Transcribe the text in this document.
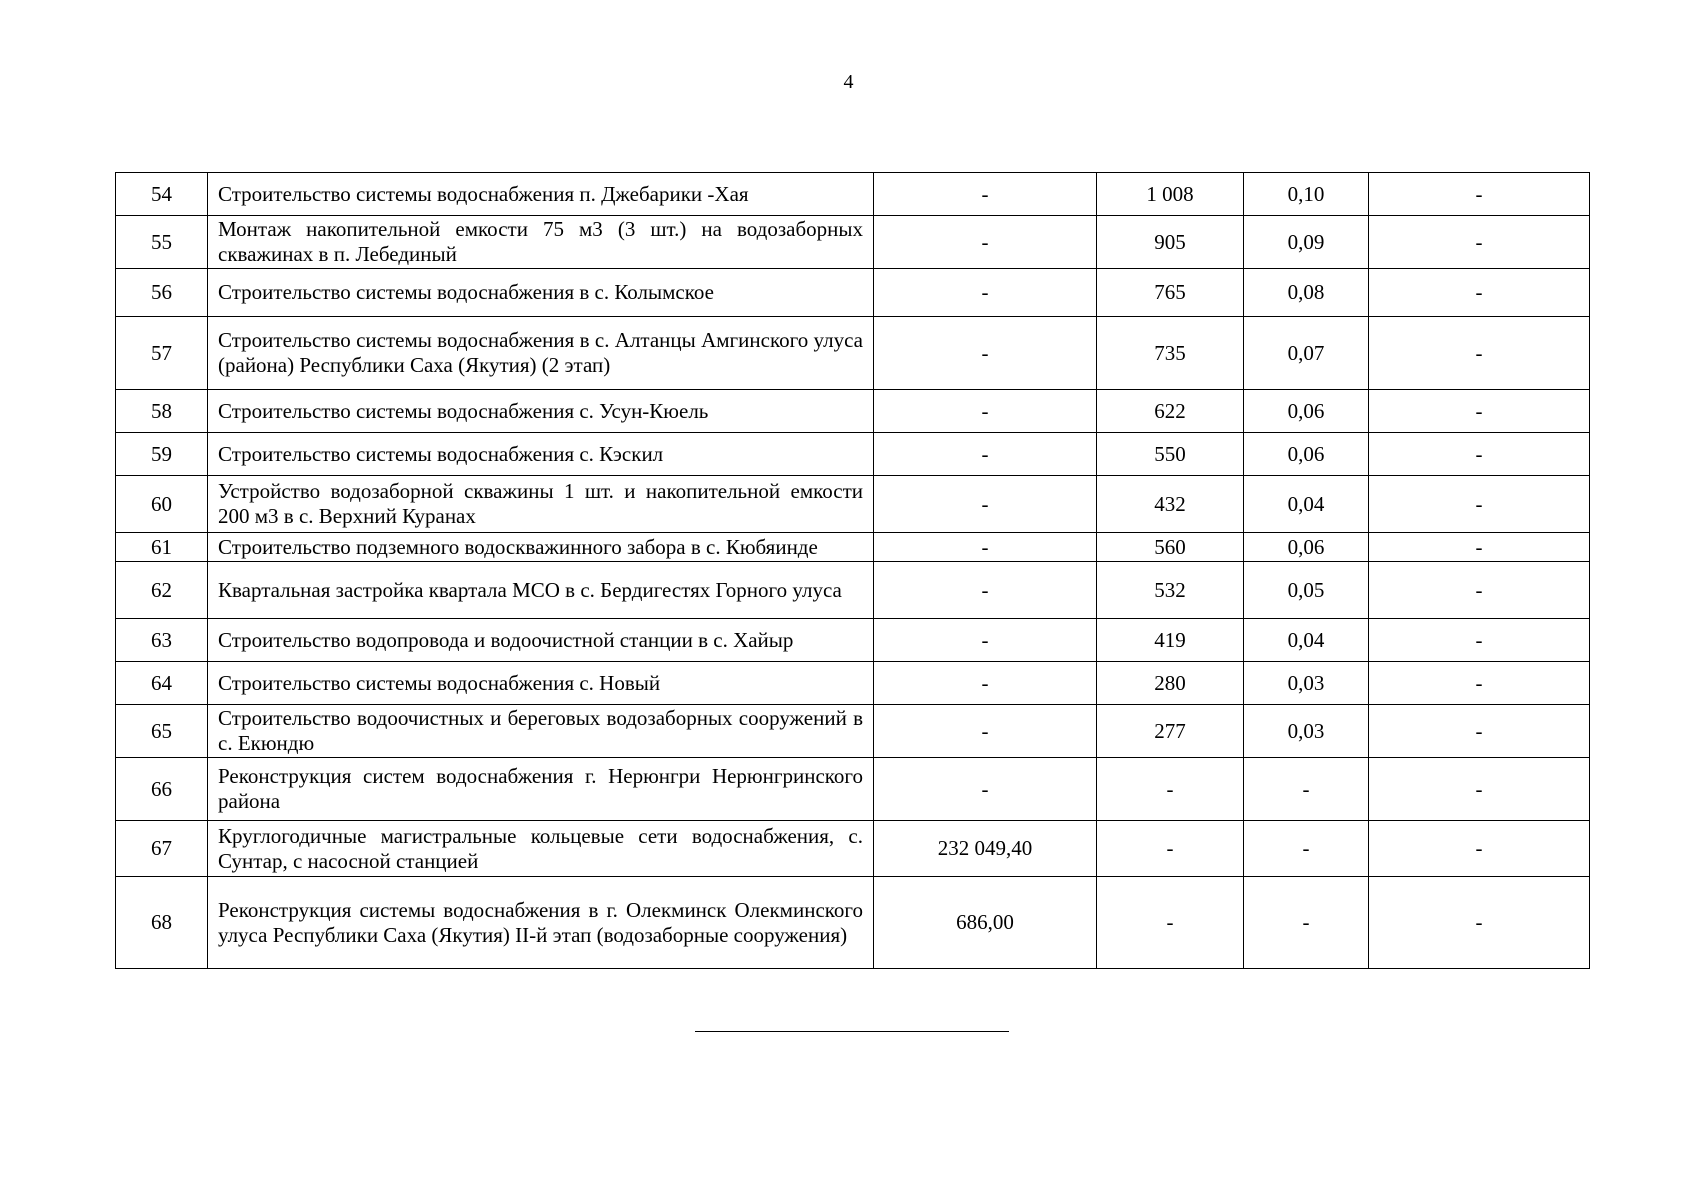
4
54	Строительство системы водоснабжения п. Джебарики -Хая	-	1 008	0,10	-
55	Монтаж накопительной емкости 75 м3 (3 шт.) на водозаборных скважинах в п. Лебединый	-	905	0,09	-
56	Строительство системы водоснабжения в с. Колымское	-	765	0,08	-
57	Строительство системы водоснабжения в с. Алтанцы Амгинского улуса (района) Республики Саха (Якутия) (2 этап)	-	735	0,07	-
58	Строительство системы водоснабжения с. Усун-Кюель	-	622	0,06	-
59	Строительство системы водоснабжения с. Кэскил	-	550	0,06	-
60	Устройство водозаборной скважины 1 шт. и накопительной емкости 200 м3 в с. Верхний Куранах	-	432	0,04	-
61	Строительство подземного водоскважинного забора в с. Кюбяинде	-	560	0,06	-
62	Квартальная застройка квартала МСО в с. Бердигестях Горного улуса	-	532	0,05	-
63	Строительство водопровода и водоочистной станции в с. Хайыр	-	419	0,04	-
64	Строительство системы водоснабжения с. Новый	-	280	0,03	-
65	Строительство водоочистных и береговых водозаборных сооружений в с. Екюндю	-	277	0,03	-
66	Реконструкция систем водоснабжения г. Нерюнгри Нерюнгринского района	-	-	-	-
67	Круглогодичные магистральные кольцевые сети водоснабжения, с. Сунтар, с насосной станцией	232 049,40	-	-	-
68	Реконструкция системы водоснабжения в г. Олекминск Олекминского улуса Республики Саха (Якутия) II-й этап (водозаборные сооружения)	686,00	-	-	-
